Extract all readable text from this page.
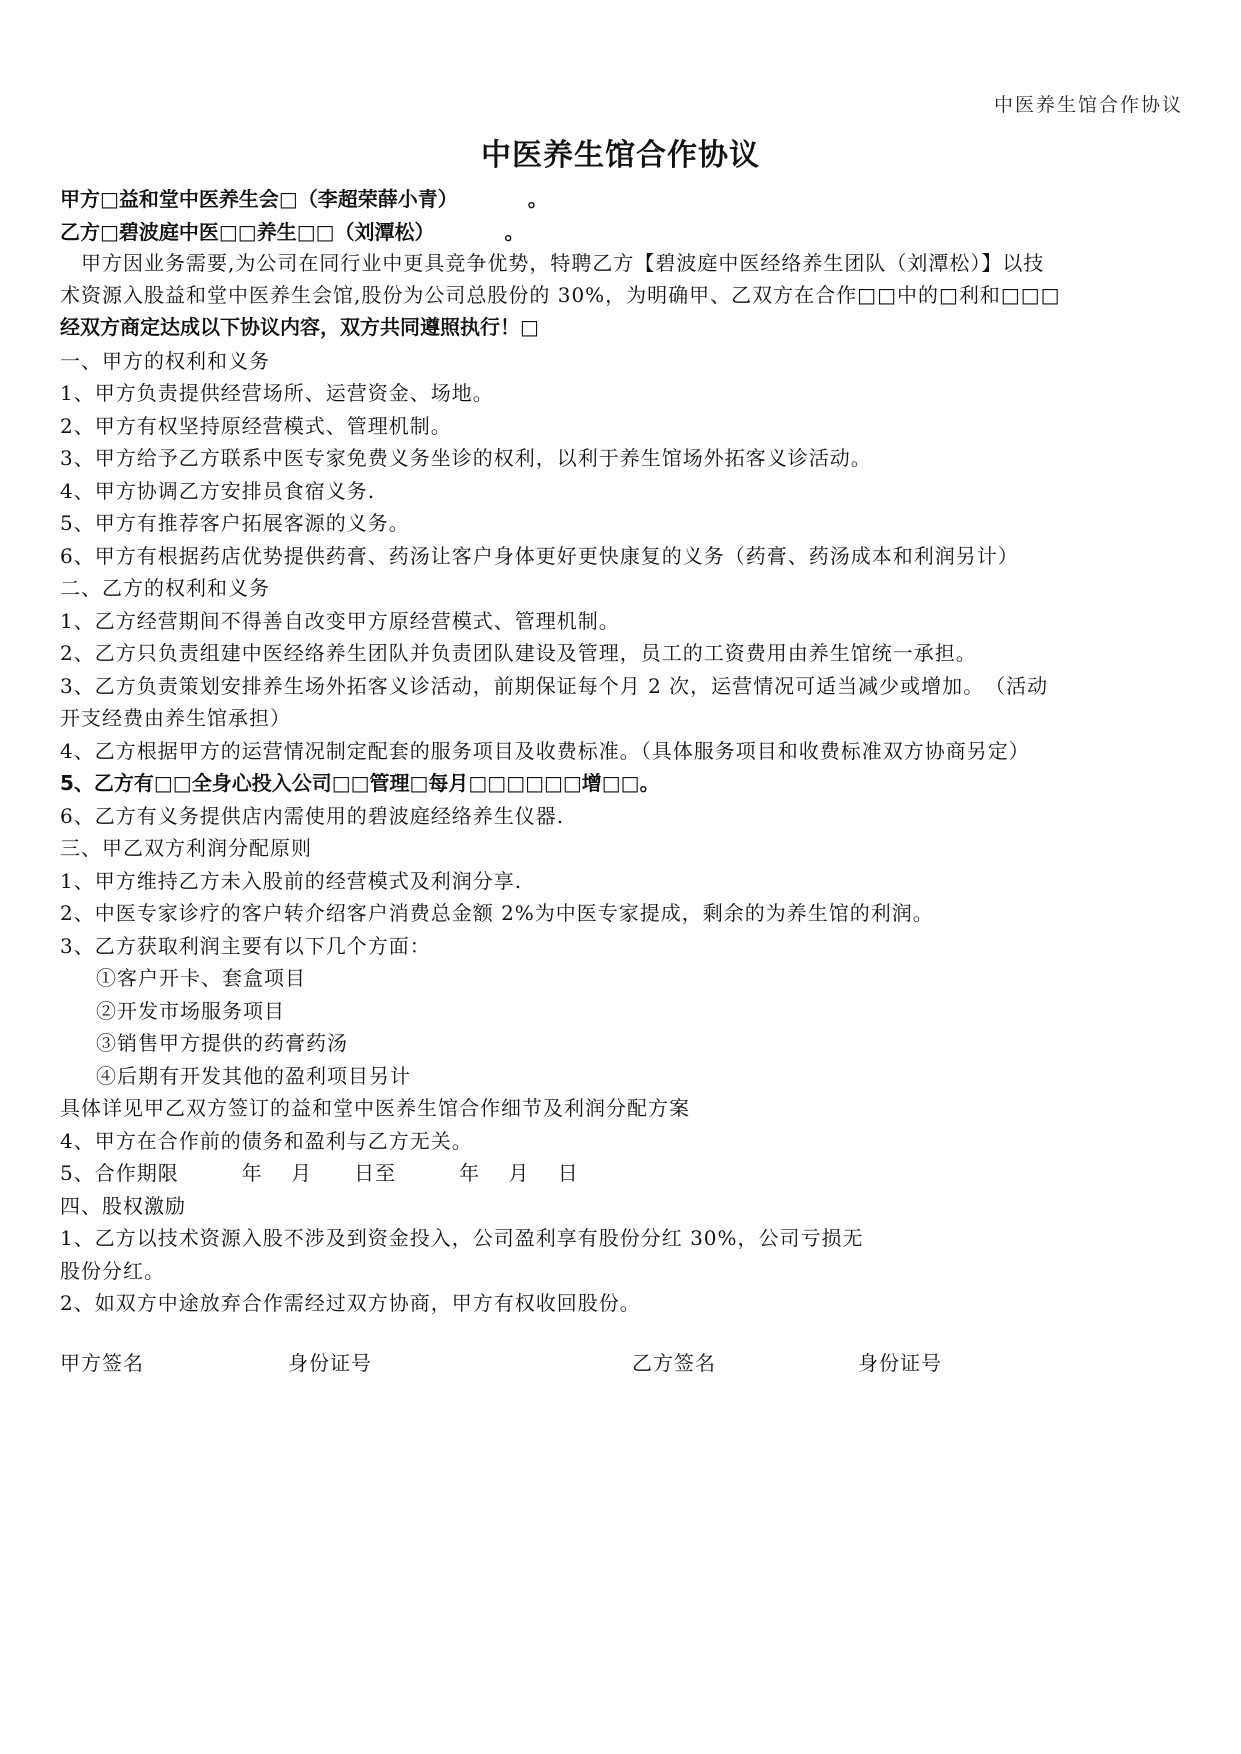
中医养生馆合作协议
中医养生馆合作协议
甲方□益和堂中医养生会□（李超荣薛小青）　　　　。
乙方□碧波庭中医□□养生□□（刘潭松）　　　　。
　甲方因业务需要,为公司在同行业中更具竞争优势，特聘乙方【碧波庭中医经络养生团队（刘潭松）】以技
术资源入股益和堂中医养生会馆,股份为公司总股份的 30%，为明确甲、乙双方在合作□□中的□利和□□□
经双方商定达成以下协议内容，双方共同遵照执行！□
一、甲方的权利和义务
1、甲方负责提供经营场所、运营资金、场地。
2、甲方有权坚持原经营模式、管理机制。
3、甲方给予乙方联系中医专家免费义务坐诊的权利，以利于养生馆场外拓客义诊活动。
4、甲方协调乙方安排员食宿义务.
5、甲方有推荐客户拓展客源的义务。
6、甲方有根据药店优势提供药膏、药汤让客户身体更好更快康复的义务（药膏、药汤成本和利润另计）
二、乙方的权利和义务
1、乙方经营期间不得善自改变甲方原经营模式、管理机制。
2、乙方只负责组建中医经络养生团队并负责团队建设及管理，员工的工资费用由养生馆统一承担。
3、乙方负责策划安排养生场外拓客义诊活动，前期保证每个月 2 次，运营情况可适当减少或增加。　（活动
开支经费由养生馆承担）
4、乙方根据甲方的运营情况制定配套的服务项目及收费标准。（具体服务项目和收费标准双方协商另定）
5、乙方有□□全身心投入公司□□管理□每月□□□□□□增□□。
6、乙方有义务提供店内需使用的碧波庭经络养生仪器.
三、甲乙双方利润分配原则
1、甲方维持乙方未入股前的经营模式及利润分享.
2、中医专家诊疗的客户转介绍客户消费总金额 2%为中医专家提成，剩余的为养生馆的利润。
3、乙方获取利润主要有以下几个方面：
①客户开卡、套盒项目
②开发市场服务项目
③销售甲方提供的药膏药汤
④后期有开发其他的盈利项目另计
具体详见甲乙双方签订的益和堂中医养生馆合作细节及利润分配方案
4、甲方在合作前的债务和盈利与乙方无关。
5、合作期限　　　年　 月　　日至　　　年　 月　 日
四、股权激励
1、乙方以技术资源入股不涉及到资金投入，公司盈利享有股份分红 30%，公司亏损无
股份分红。
2、如双方中途放弃合作需经过双方协商，甲方有权收回股份。
甲方签名	身份证号	乙方签名	身份证号
